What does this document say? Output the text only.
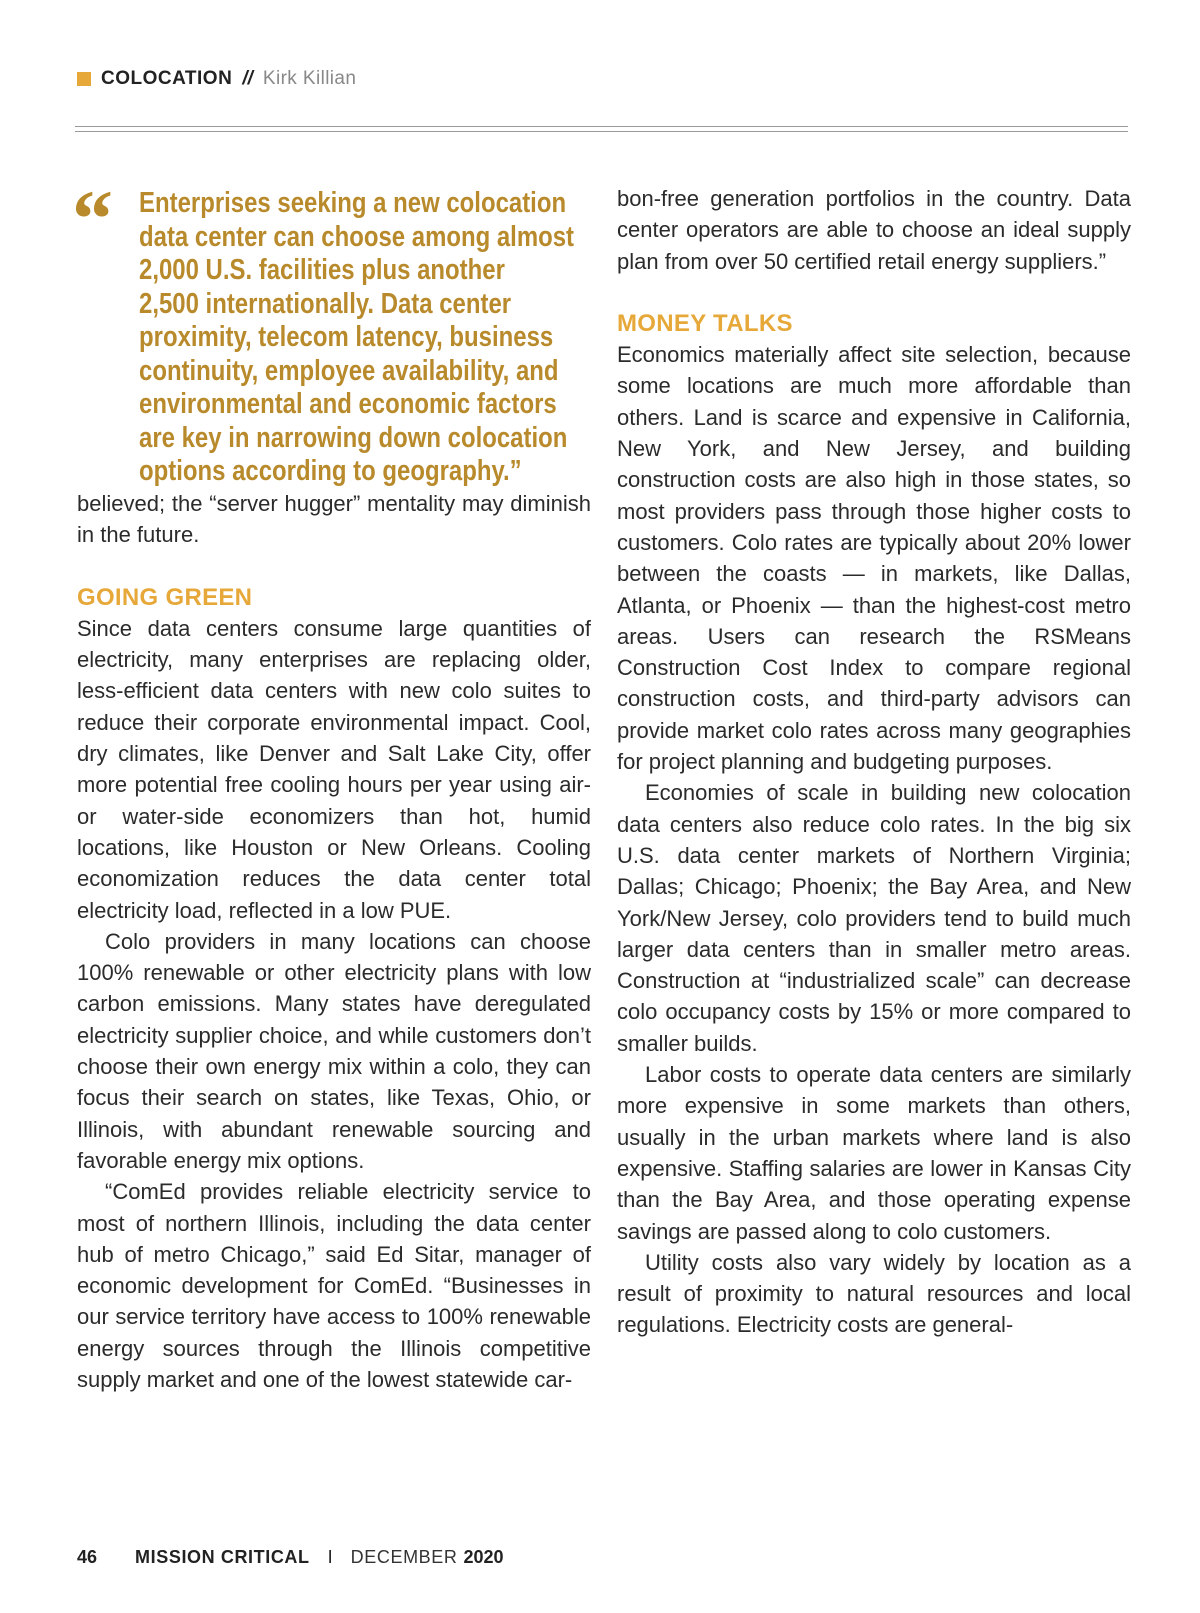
COLOCATION // Kirk Killian
“ Enterprises seeking a new colocation
data center can choose among almost
2,000 U.S. facilities plus another
2,500 internationally. Data center
proximity, telecom latency, business
continuity, employee availability, and
environmental and economic factors
are key in narrowing down colocation
options according to geography.”

believed; the “server hugger” mentality may diminish in the future.

GOING GREEN

Since data centers consume large quantities of electricity, many enterprises are replacing older, less-efficient data centers with new colo suites to reduce their corporate environmental impact. Cool, dry climates, like Denver and Salt Lake City, offer more potential free cooling hours per year using air- or water-side economizers than hot, humid locations, like Houston or New Orleans. Cooling economization reduces the data center total electricity load, reflected in a low PUE.

Colo providers in many locations can choose 100% renewable or other electricity plans with low carbon emissions. Many states have deregulated electricity supplier choice, and while customers don’t choose their own energy mix within a colo, they can focus their search on states, like Texas, Ohio, or Illinois, with abundant renewable sourcing and favorable energy mix options.

“ComEd provides reliable electricity service to most of northern Illinois, including the data center hub of metro Chicago,” said Ed Sitar, manager of economic development for ComEd. “Businesses in our service territory have access to 100% renewable energy sources through the Illinois competitive supply market and one of the lowest statewide car-

bon-free generation portfolios in the country. Data center operators are able to choose an ideal supply plan from over 50 certified retail energy suppliers.”

MONEY TALKS

Economics materially affect site selection, because some locations are much more affordable than others. Land is scarce and expensive in California, New York, and New Jersey, and building construction costs are also high in those states, so most providers pass through those higher costs to customers. Colo rates are typically about 20% lower between the coasts — in markets, like Dallas, Atlanta, or Phoenix — than the highest-cost metro areas. Users can research the RSMeans Construction Cost Index to compare regional construction costs, and third-party advisors can provide market colo rates across many geographies for project planning and budgeting purposes.

Economies of scale in building new colocation data centers also reduce colo rates. In the big six U.S. data center markets of Northern Virginia; Dallas; Chicago; Phoenix; the Bay Area, and New York/New Jersey, colo providers tend to build much larger data centers than in smaller metro areas. Construction at “industrialized scale” can decrease colo occupancy costs by 15% or more compared to smaller builds.

Labor costs to operate data centers are similarly more expensive in some markets than others, usually in the urban markets where land is also expensive. Staffing salaries are lower in Kansas City than the Bay Area, and those operating expense savings are passed along to colo customers.

Utility costs also vary widely by location as a result of proximity to natural resources and local regulations. Electricity costs are general-

46 MISSION CRITICAL I DECEMBER 2020
